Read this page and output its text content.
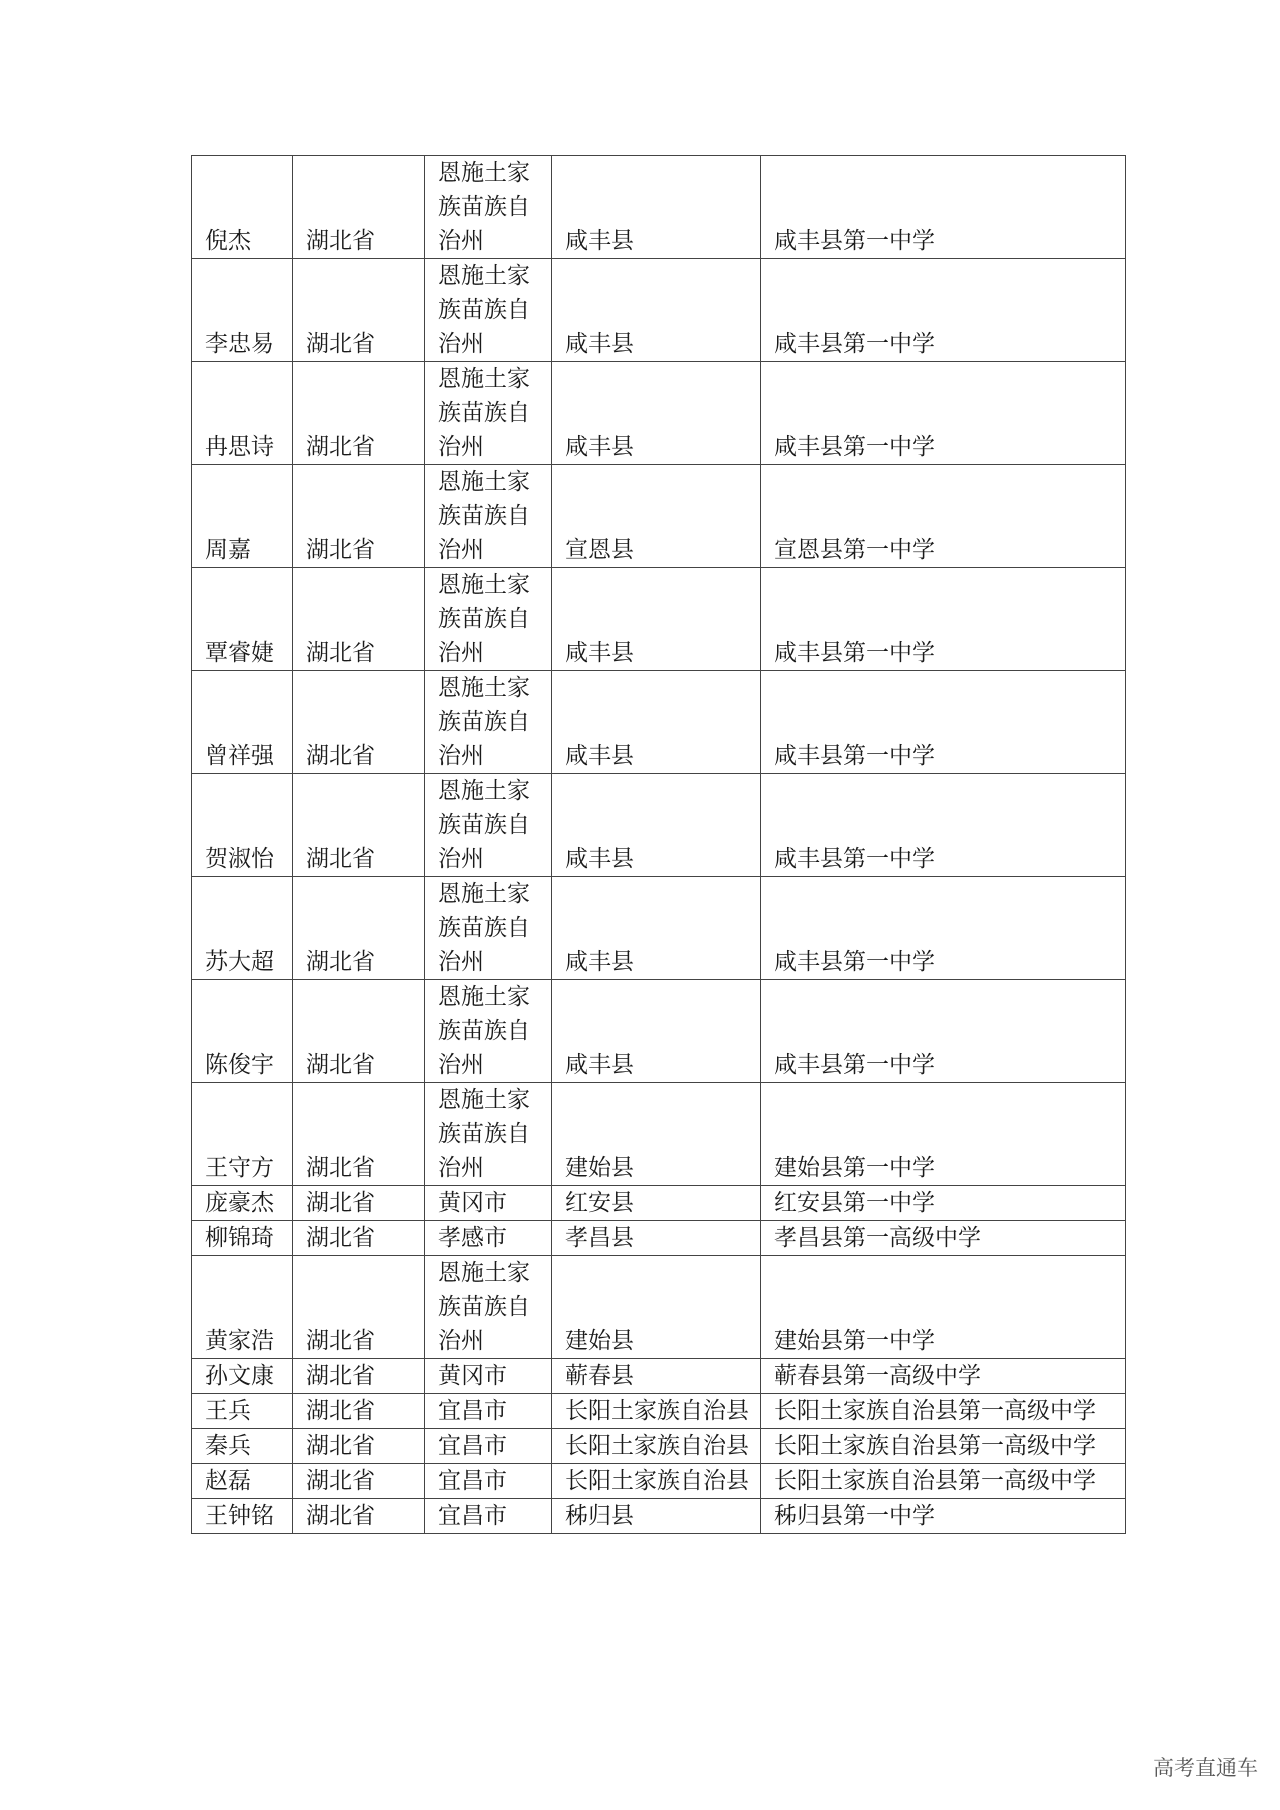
倪杰	湖北省	恩施土家族苗族自治州	咸丰县	咸丰县第一中学
李忠易	湖北省	恩施土家族苗族自治州	咸丰县	咸丰县第一中学
冉思诗	湖北省	恩施土家族苗族自治州	咸丰县	咸丰县第一中学
周嘉	湖北省	恩施土家族苗族自治州	宣恩县	宣恩县第一中学
覃睿婕	湖北省	恩施土家族苗族自治州	咸丰县	咸丰县第一中学
曾祥强	湖北省	恩施土家族苗族自治州	咸丰县	咸丰县第一中学
贺淑怡	湖北省	恩施土家族苗族自治州	咸丰县	咸丰县第一中学
苏大超	湖北省	恩施土家族苗族自治州	咸丰县	咸丰县第一中学
陈俊宇	湖北省	恩施土家族苗族自治州	咸丰县	咸丰县第一中学
王守方	湖北省	恩施土家族苗族自治州	建始县	建始县第一中学
庞豪杰	湖北省	黄冈市	红安县	红安县第一中学
柳锦琦	湖北省	孝感市	孝昌县	孝昌县第一高级中学
黄家浩	湖北省	恩施土家族苗族自治州	建始县	建始县第一中学
孙文康	湖北省	黄冈市	蕲春县	蕲春县第一高级中学
王兵	湖北省	宜昌市	长阳土家族自治县	长阳土家族自治县第一高级中学
秦兵	湖北省	宜昌市	长阳土家族自治县	长阳土家族自治县第一高级中学
赵磊	湖北省	宜昌市	长阳土家族自治县	长阳土家族自治县第一高级中学
王钟铭	湖北省	宜昌市	秭归县	秭归县第一中学
高考直通车
